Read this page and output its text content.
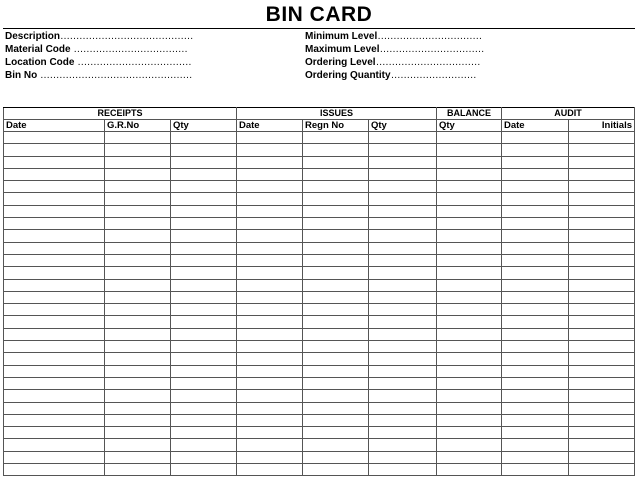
BIN CARD
Description……………………………………
Material Code ………………………………
Location Code ………………………………
Bin No …………………………………………
Minimum Level……………………………
Maximum Level……………………………
Ordering Level……………………………
Ordering Quantity………………………
RECEIPTS			ISSUES			BALANCE	AUDIT	
Date	G.R.No	Qty	Date	Regn No	Qty	Qty	Date	Initials
